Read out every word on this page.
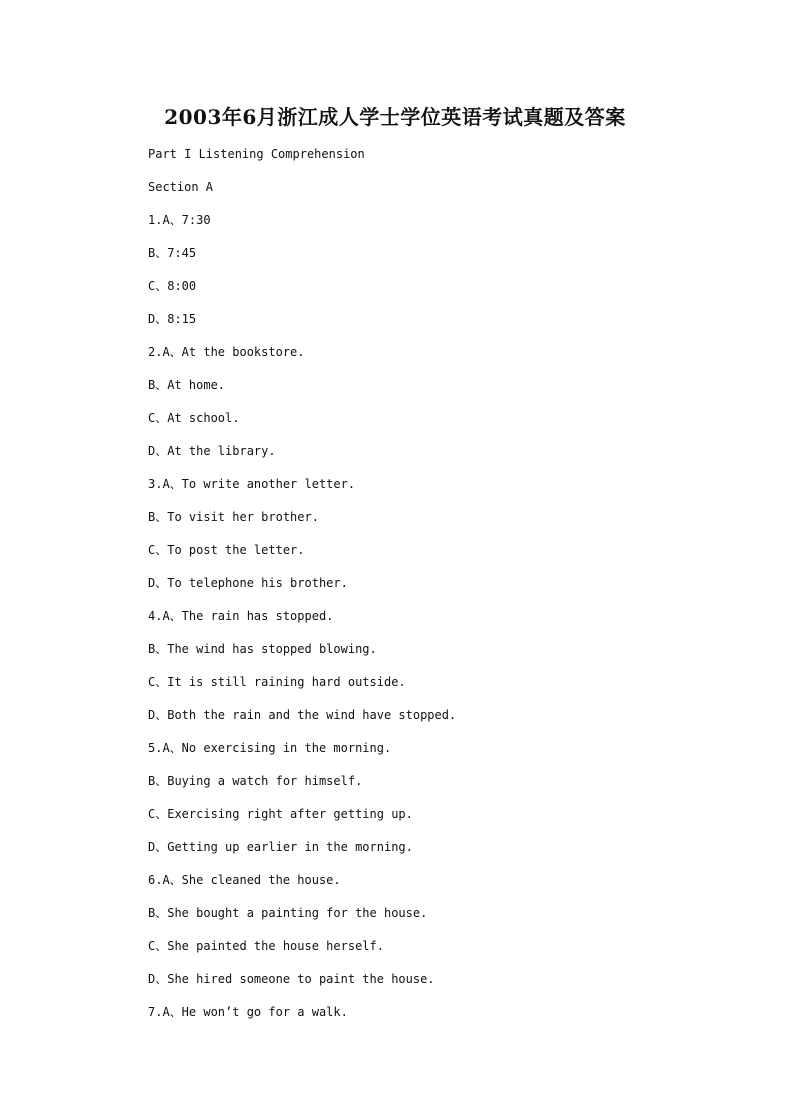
2003年6月浙江成人学士学位英语考试真题及答案
Part I Listening Comprehension
Section A
1.A、7:30
B、7:45
C、8:00
D、8:15
2.A、At the bookstore.
B、At home.
C、At school.
D、At the library.
3.A、To write another letter.
B、To visit her brother.
C、To post the letter.
D、To telephone his brother.
4.A、The rain has stopped.
B、The wind has stopped blowing.
C、It is still raining hard outside.
D、Both the rain and the wind have stopped.
5.A、No exercising in the morning.
B、Buying a watch for himself.
C、Exercising right after getting up.
D、Getting up earlier in the morning.
6.A、She cleaned the house.
B、She bought a painting for the house.
C、She painted the house herself.
D、She hired someone to paint the house.
7.A、He won’t go for a walk.
